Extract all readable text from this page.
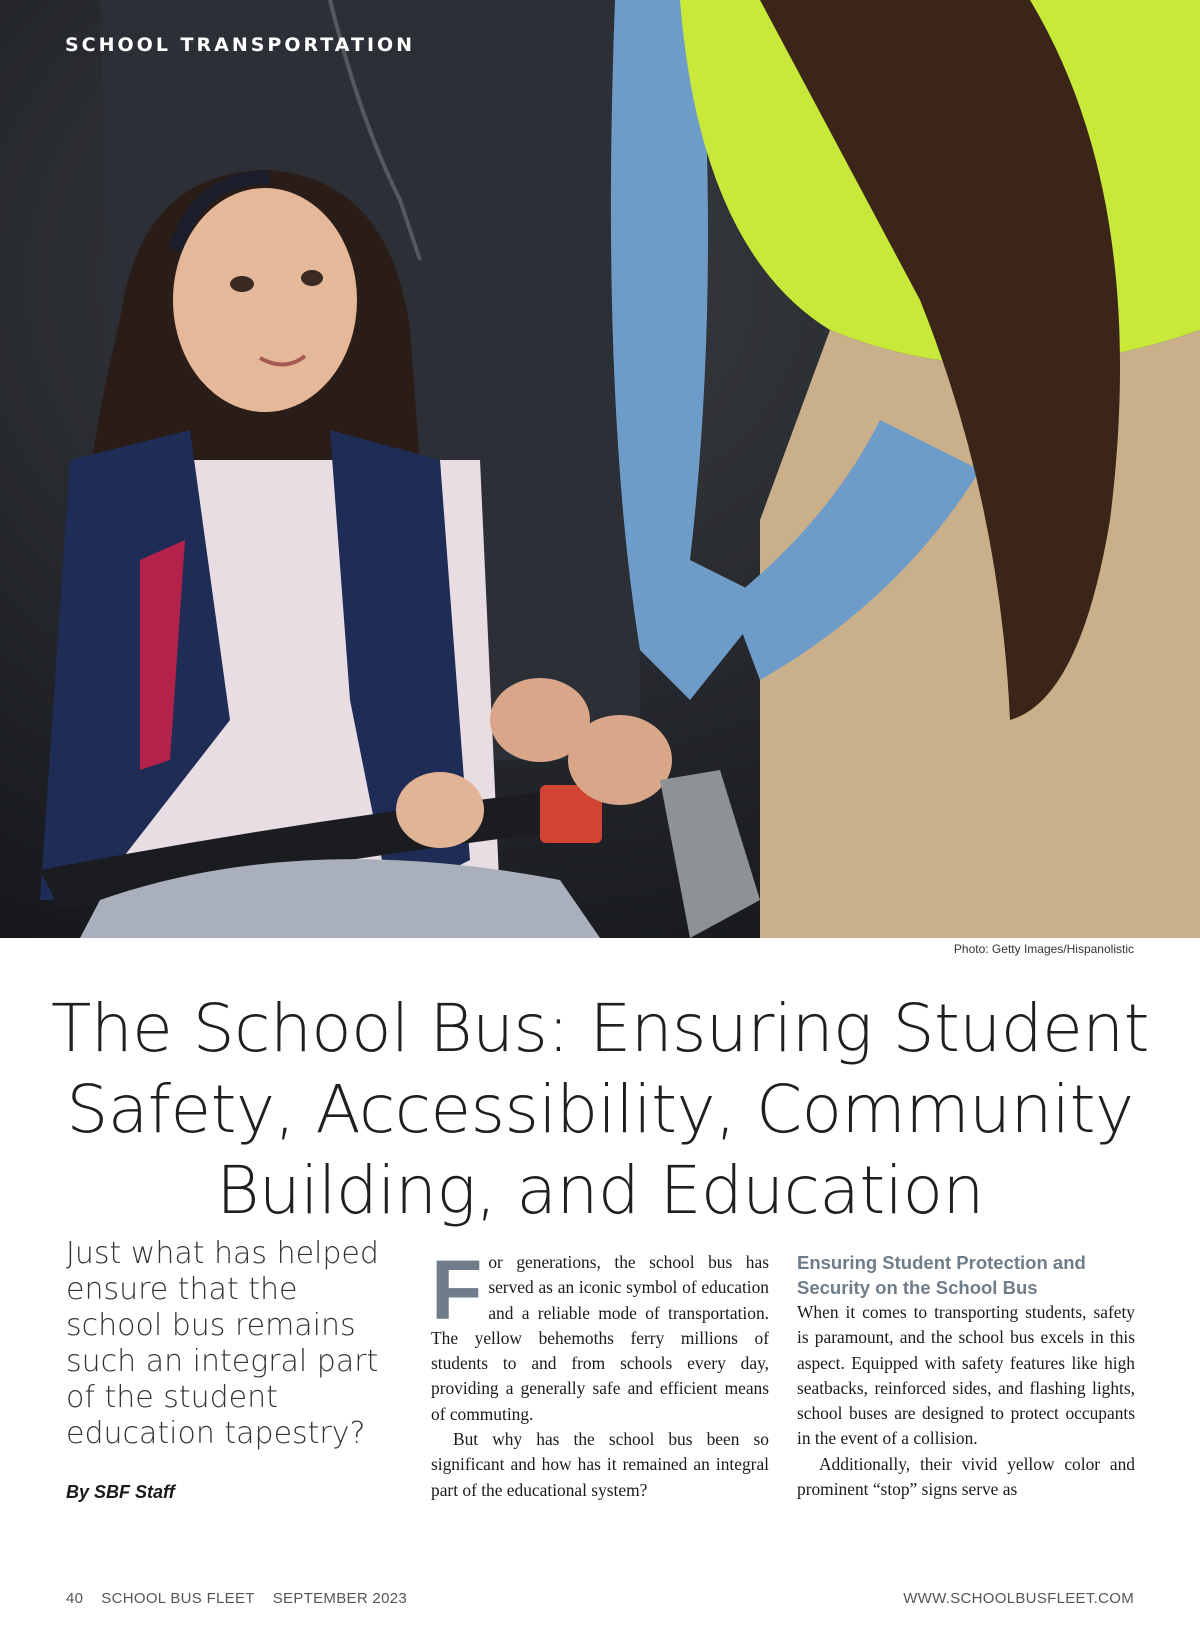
SCHOOL TRANSPORTATION
Photo: Getty Images/Hispanolistic
The School Bus: Ensuring Student
Safety, Accessibility, Community
Building, and Education
Just what has helped ensure that the school bus remains such an integral part of the student education tapestry?
By SBF Staff

For generations, the school bus has served as an iconic symbol of education and a reliable mode of transportation. The yellow behemoths ferry millions of students to and from schools every day, providing a generally safe and efficient means of commuting.

But why has the school bus been so significant and how has it remained an integral part of the educational system?

Ensuring Student Protection and Security on the School Bus

When it comes to transporting students, safety is paramount, and the school bus excels in this aspect. Equipped with safety features like high seatbacks, reinforced sides, and flashing lights, school buses are designed to protect occupants in the event of a collision.

Additionally, their vivid yellow color and prominent “stop” signs serve as

40 SCHOOL BUS FLEET SEPTEMBER 2023	WWW.SCHOOLBUSFLEET.COM
